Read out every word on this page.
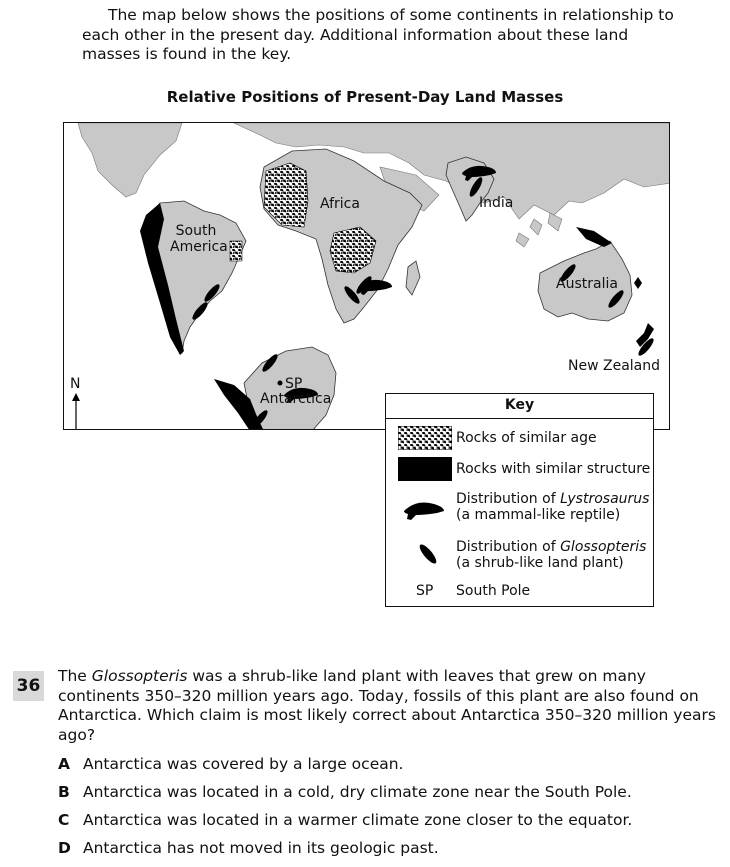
The map below shows the positions of some continents in relationship to each other in the present day. Additional information about these land masses is found in the key.
Relative Positions of Present-Day Land Masses
Africa
South
America
India
Australia
New Zealand
SP
Antarctica
N
Key
Rocks of similar age
Rocks with similar structure
Distribution of Lystrosaurus
(a mammal-like reptile)
Distribution of Glossopteris
(a shrub-like land plant)
SP South Pole
36 The Glossopteris was a shrub-like land plant with leaves that grew on many continents 350–320 million years ago. Today, fossils of this plant are also found on Antarctica. Which claim is most likely correct about Antarctica 350–320 million years ago?
A Antarctica was covered by a large ocean.
B Antarctica was located in a cold, dry climate zone near the South Pole.
C Antarctica was located in a warmer climate zone closer to the equator.
D Antarctica has not moved in its geologic past.
